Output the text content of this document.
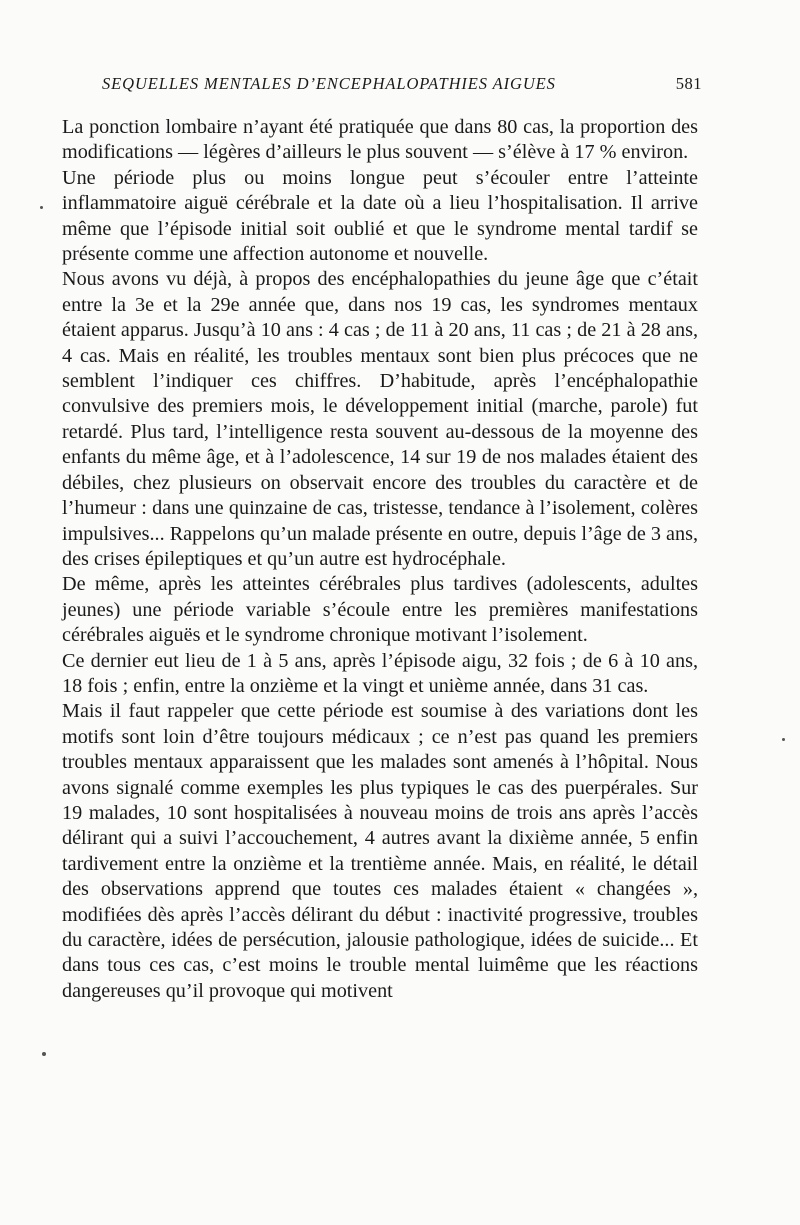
SEQUELLES MENTALES D’ENCEPHALOPATHIES AIGUES	581

La ponction lombaire n’ayant été pratiquée que dans 80 cas, la proportion des modifications — légères d’ailleurs le plus souvent — s’élève à 17 % environ.

Une période plus ou moins longue peut s’écouler entre l’atteinte inflammatoire aiguë cérébrale et la date où a lieu l’hospitalisation. Il arrive même que l’épisode initial soit oublié et que le syndrome mental tardif se présente comme une affection autonome et nouvelle.

Nous avons vu déjà, à propos des encéphalopathies du jeune âge que c’était entre la 3e et la 29e année que, dans nos 19 cas, les syndromes mentaux étaient apparus. Jusqu’à 10 ans : 4 cas ; de 11 à 20 ans, 11 cas ; de 21 à 28 ans, 4 cas. Mais en réalité, les troubles mentaux sont bien plus précoces que ne semblent l’indiquer ces chiffres. D’habitude, après l’encéphalopathie convulsive des premiers mois, le développement initial (marche, parole) fut retardé. Plus tard, l’intelligence resta souvent au-dessous de la moyenne des enfants du même âge, et à l’adolescence, 14 sur 19 de nos malades étaient des débiles, chez plusieurs on observait encore des troubles du caractère et de l’humeur : dans une quinzaine de cas, tristesse, tendance à l’isolement, colères impulsives... Rappelons qu’un malade présente en outre, depuis l’âge de 3 ans, des crises épileptiques et qu’un autre est hydrocéphale.

De même, après les atteintes cérébrales plus tardives (adolescents, adultes jeunes) une période variable s’écoule entre les premières manifestations cérébrales aiguës et le syndrome chronique motivant l’isolement.

Ce dernier eut lieu de 1 à 5 ans, après l’épisode aigu, 32 fois ; de 6 à 10 ans, 18 fois ; enfin, entre la onzième et la vingt et unième année, dans 31 cas.

Mais il faut rappeler que cette période est soumise à des variations dont les motifs sont loin d’être toujours médicaux ; ce n’est pas quand les premiers troubles mentaux apparaissent que les malades sont amenés à l’hôpital. Nous avons signalé comme exemples les plus typiques le cas des puerpérales. Sur 19 malades, 10 sont hospitalisées à nouveau moins de trois ans après l’accès délirant qui a suivi l’accouchement, 4 autres avant la dixième année, 5 enfin tardivement entre la onzième et la trentième année. Mais, en réalité, le détail des observations apprend que toutes ces malades étaient « changées », modifiées dès après l’accès délirant du début : inactivité progressive, troubles du caractère, idées de persécution, jalousie pathologique, idées de suicide... Et dans tous ces cas, c’est moins le trouble mental luimême que les réactions dangereuses qu’il provoque qui motivent
